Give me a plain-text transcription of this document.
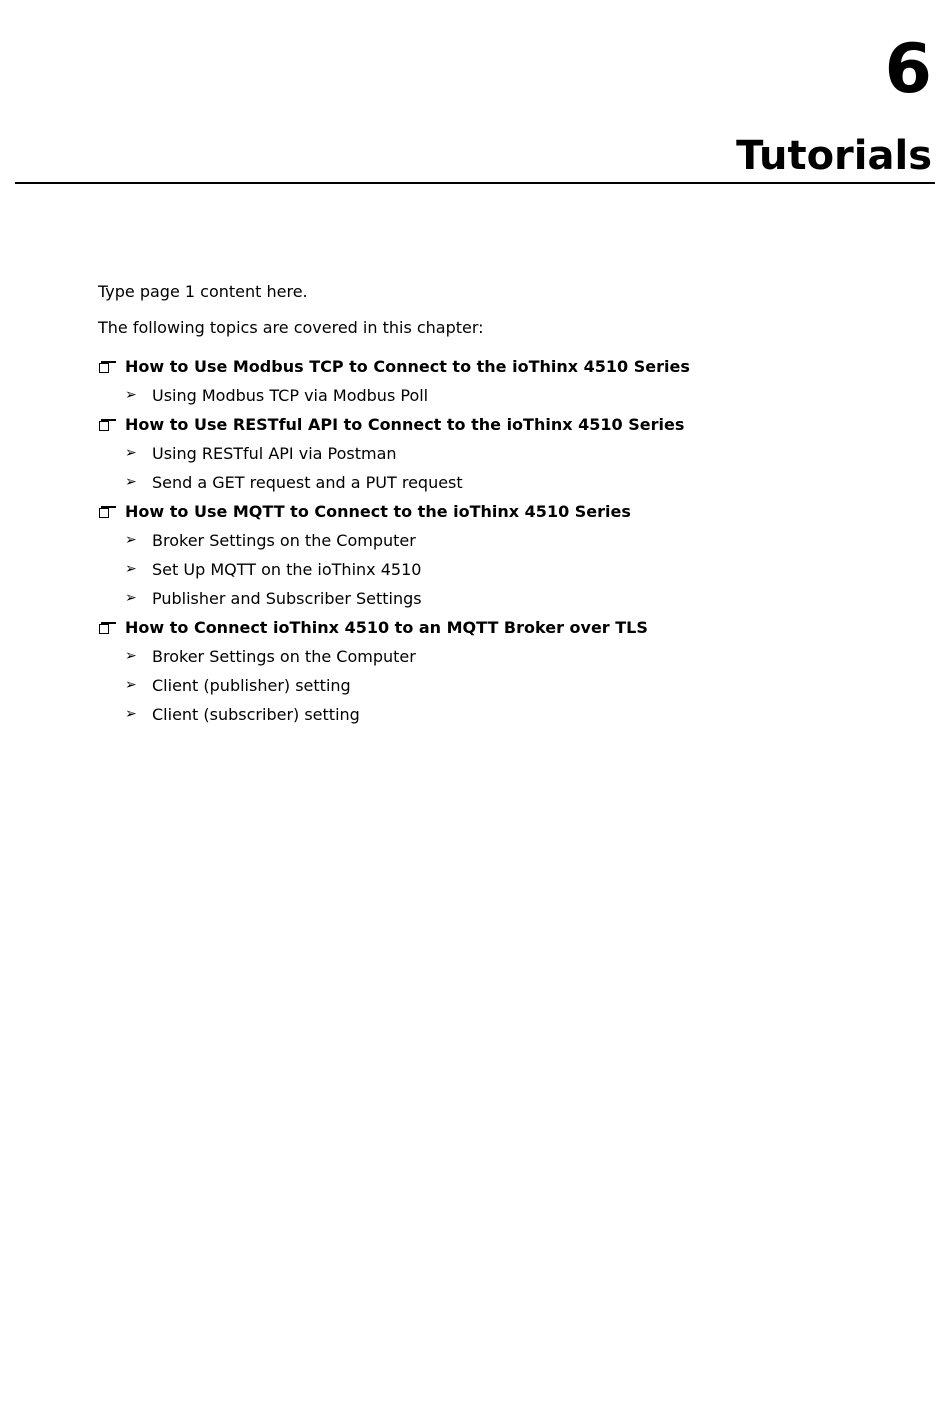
6
Tutorials

Type page 1 content here.

The following topics are covered in this chapter:

How to Use Modbus TCP to Connect to the ioThinx 4510 Series
➢ Using Modbus TCP via Modbus Poll
How to Use RESTful API to Connect to the ioThinx 4510 Series
➢ Using RESTful API via Postman
➢ Send a GET request and a PUT request
How to Use MQTT to Connect to the ioThinx 4510 Series
➢ Broker Settings on the Computer
➢ Set Up MQTT on the ioThinx 4510
➢ Publisher and Subscriber Settings
How to Connect ioThinx 4510 to an MQTT Broker over TLS
➢ Broker Settings on the Computer
➢ Client (publisher) setting
➢ Client (subscriber) setting
